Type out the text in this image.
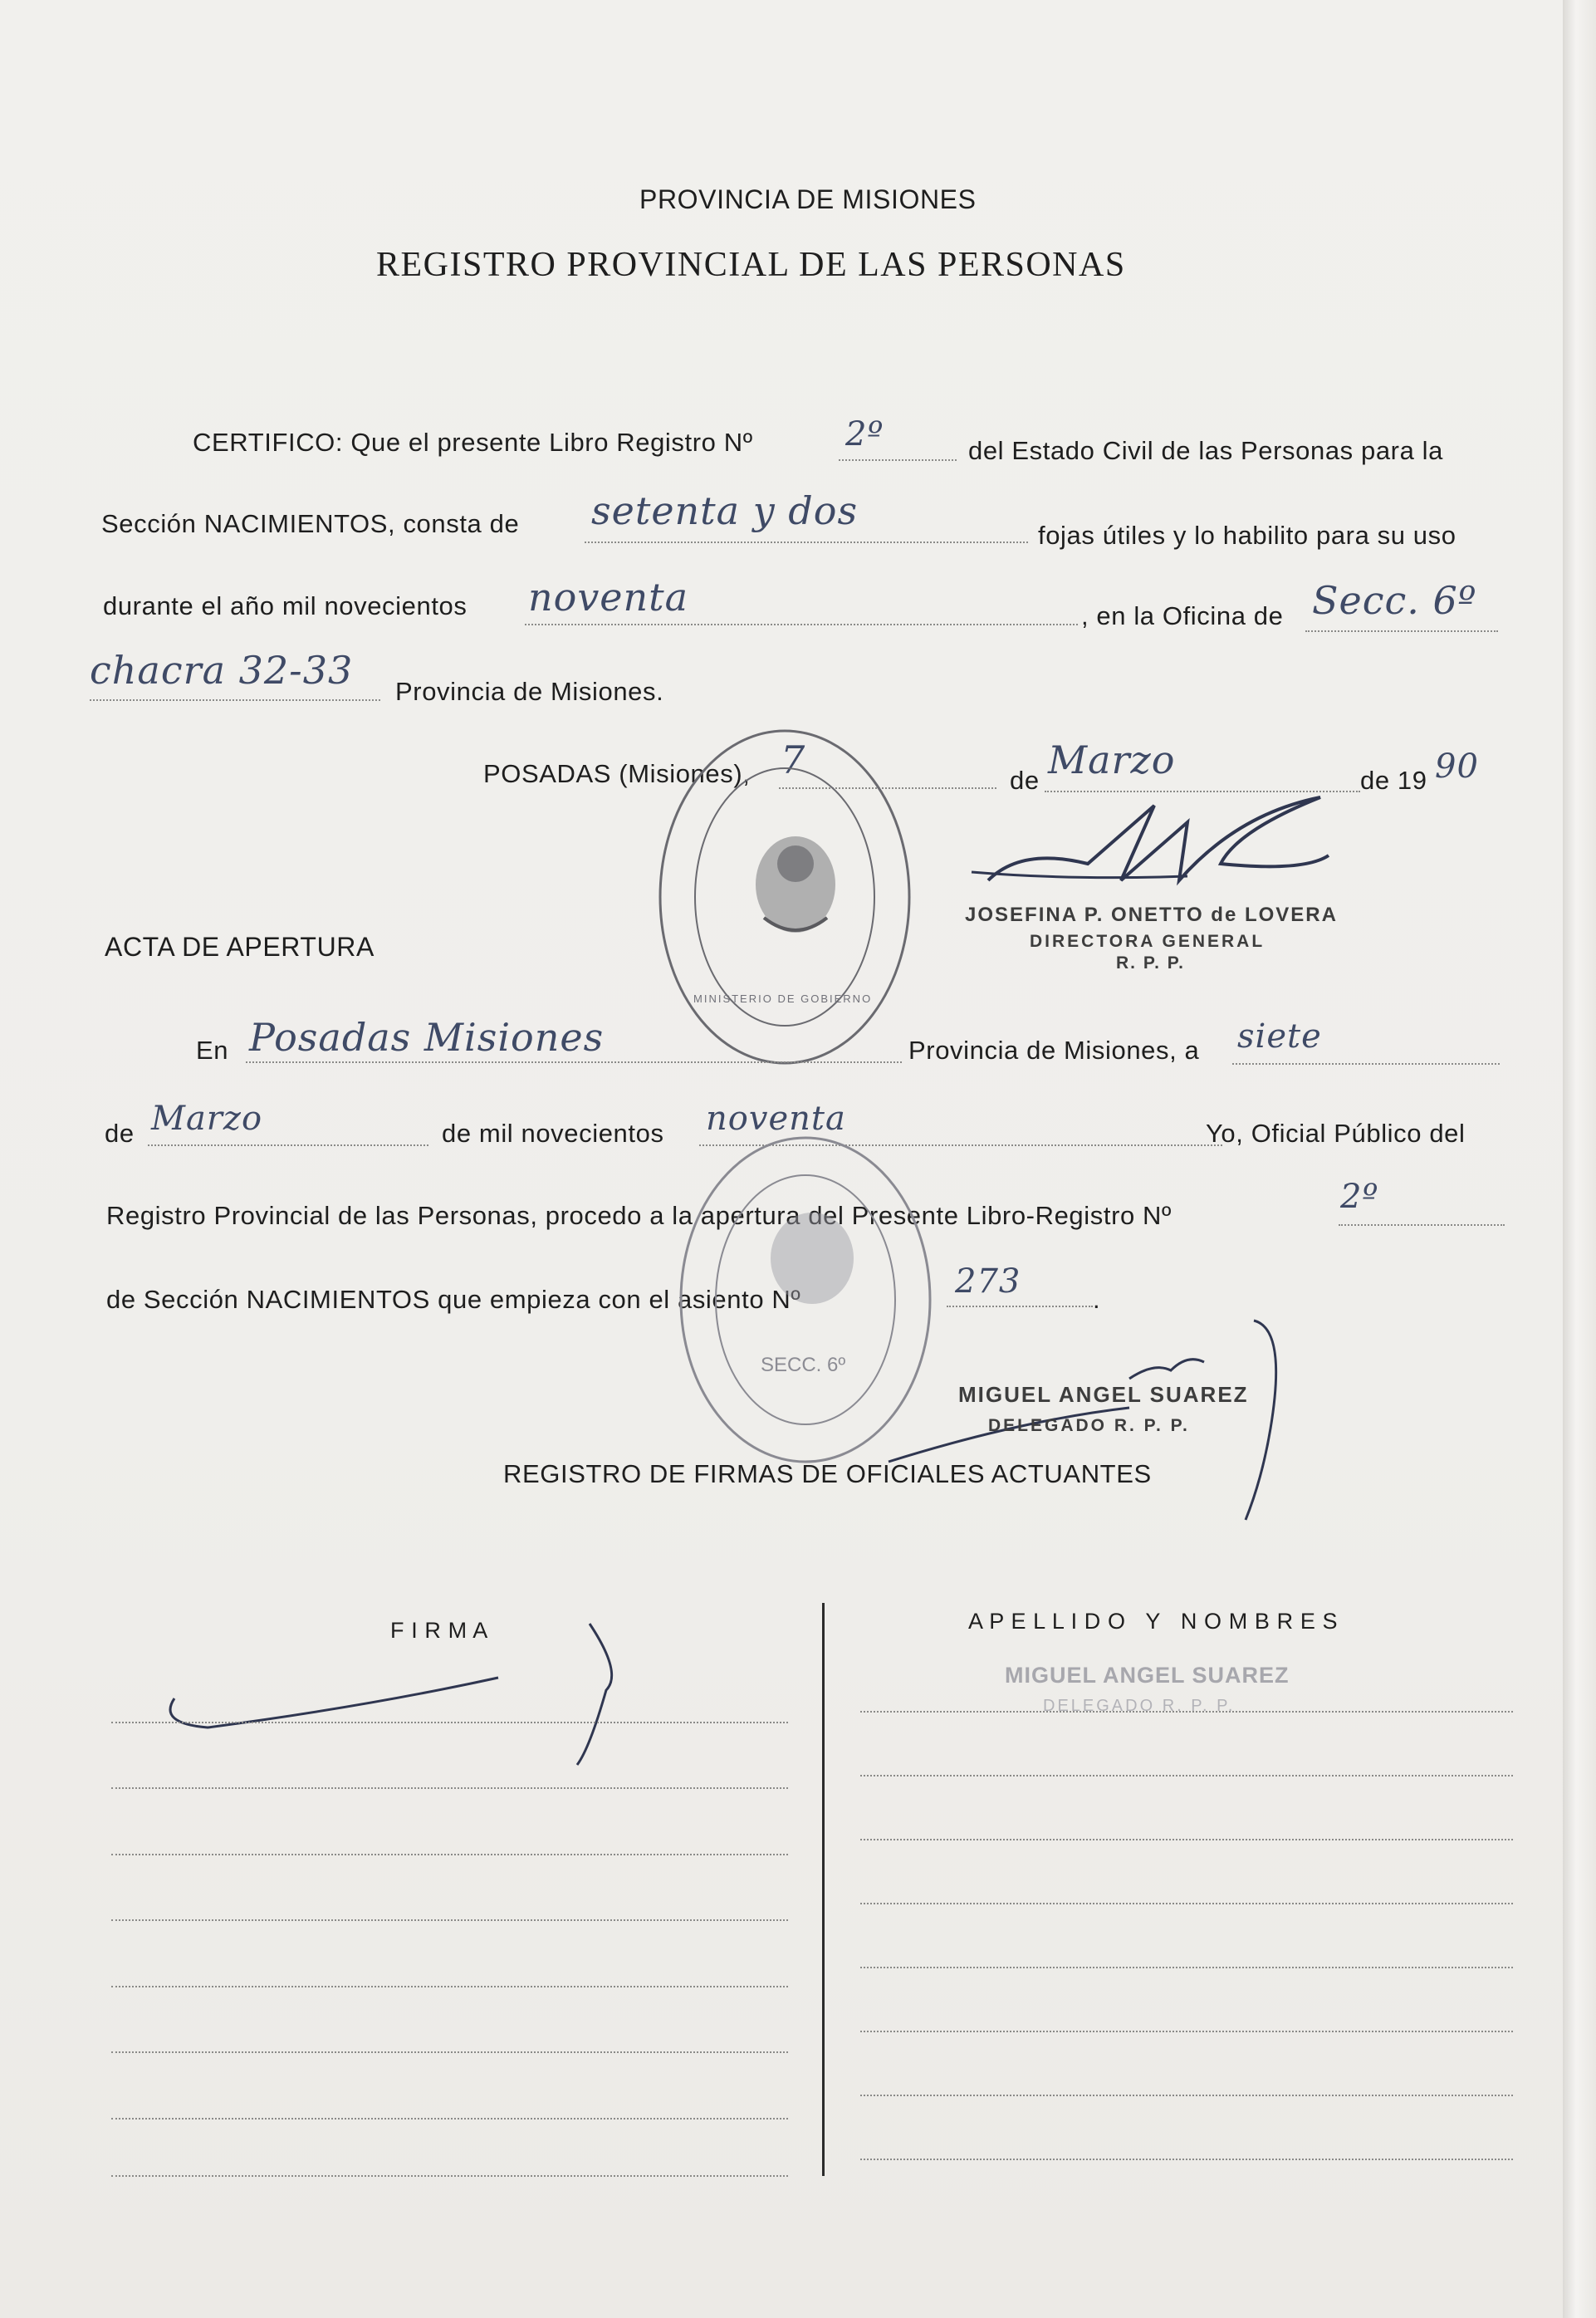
PROVINCIA DE MISIONES
REGISTRO PROVINCIAL DE LAS PERSONAS
CERTIFICO: Que el presente Libro Registro Nº	2º	del Estado Civil de las Personas para la
Sección NACIMIENTOS, consta de setenta y dos
fojas útiles y lo habilito para su uso
durante el año mil novecientos noventa	, en la Oficina de Secc. 6º
chacra 32-33 Provincia de Misiones.
POSADAS (Misiones), 7	de Marzo	de 19 90
MINISTERIO DE GOBIERNO
JOSEFINA P. ONETTO de LOVERA
DIRECTORA GENERAL
R. P. P.
ACTA DE APERTURA
En Posadas Misiones	Provincia de Misiones, a siete
de Marzo	de mil novecientos noventa	Yo, Oficial Público del
Registro Provincial de las Personas, procedo a la apertura del Presente Libro-Registro Nº	2º
de Sección NACIMIENTOS que empieza con el asiento Nº	273	.
SECC. 6º
MIGUEL ANGEL SUAREZ
DELEGADO R. P. P.
REGISTRO DE FIRMAS DE OFICIALES ACTUANTES
F I R M A	A P E L L I D O   Y   N O M B R E S
MIGUEL ANGEL SUAREZ
DELEGADO R. P. P.
